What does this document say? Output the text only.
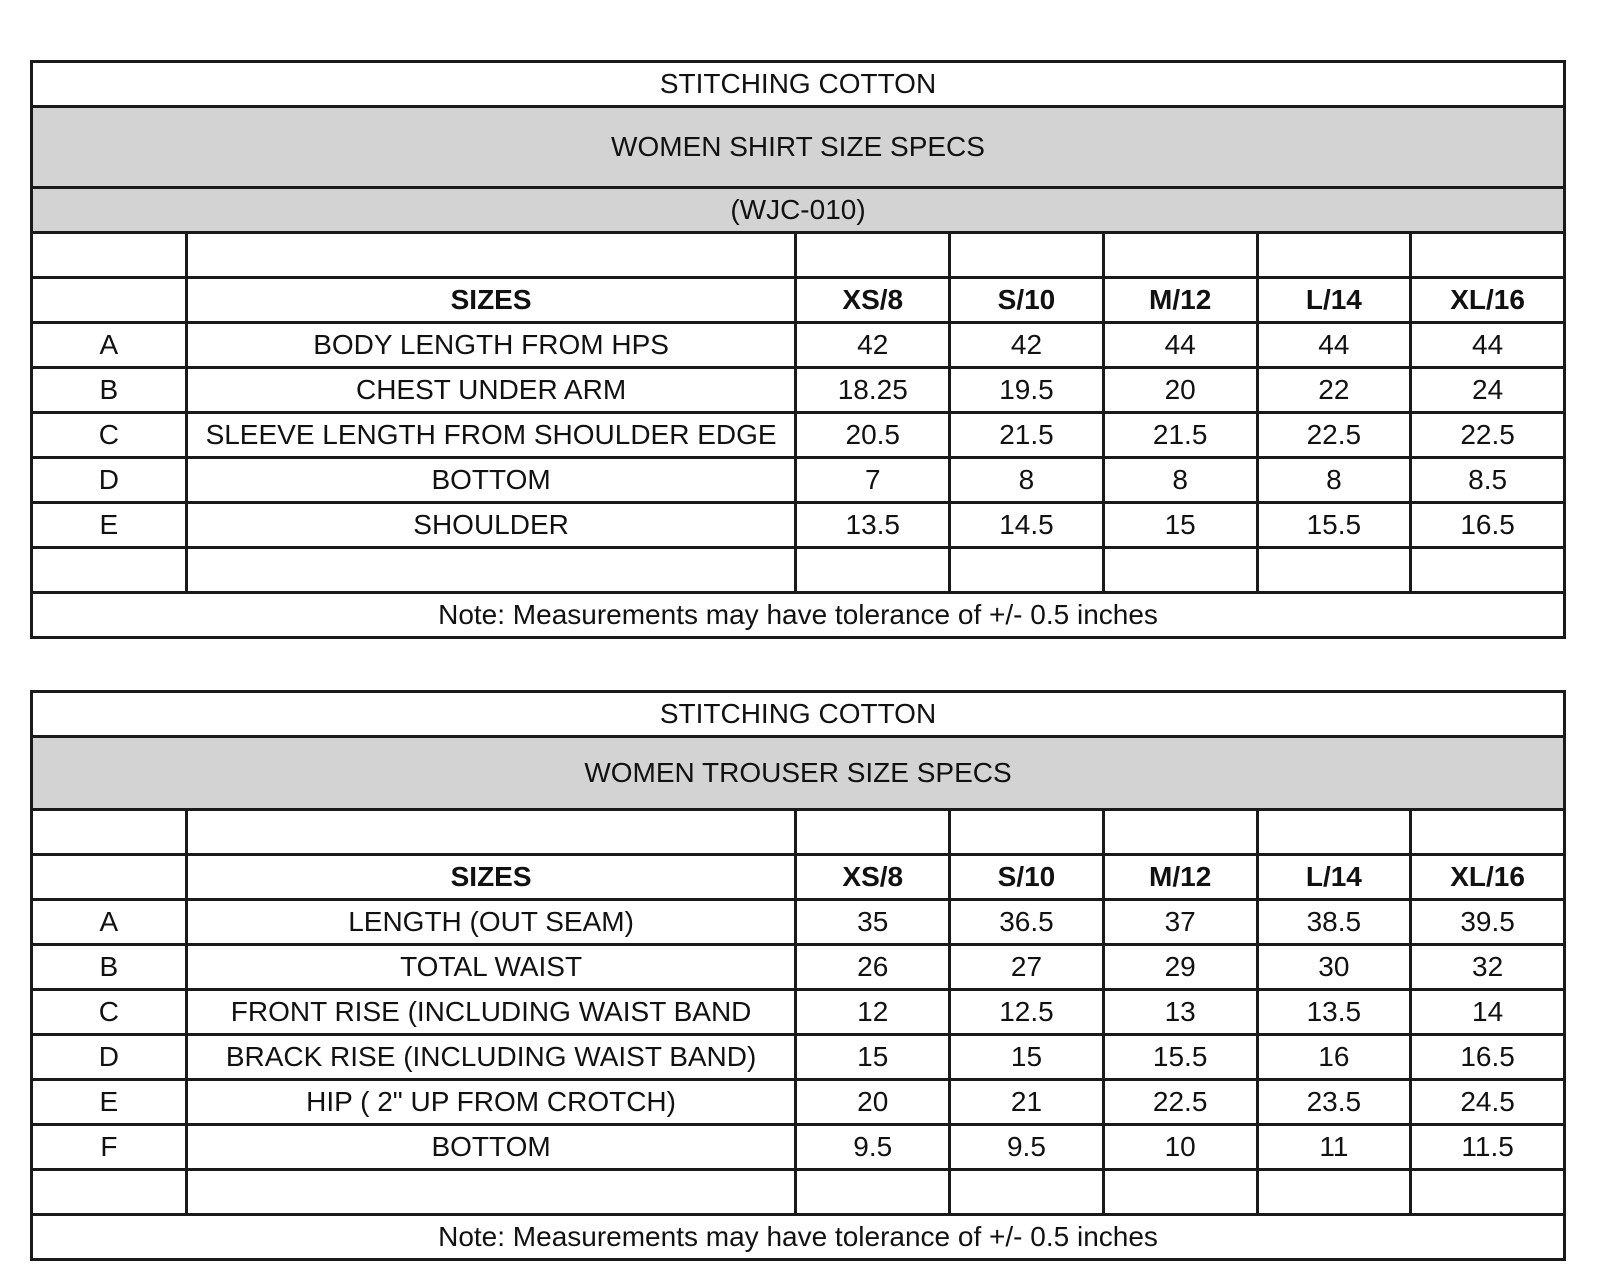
STITCHING COTTON						
WOMEN SHIRT SIZE SPECS						
(WJC-010)						

	SIZES	XS/8	S/10	M/12	L/14	XL/16
A	BODY LENGTH FROM HPS	42	42	44	44	44
B	CHEST UNDER ARM	18.25	19.5	20	22	24
C	SLEEVE LENGTH FROM SHOULDER EDGE	20.5	21.5	21.5	22.5	22.5
D	BOTTOM	7	8	8	8	8.5
E	SHOULDER	13.5	14.5	15	15.5	16.5

Note: Measurements may have tolerance of +/- 0.5 inches						
STITCHING COTTON						
WOMEN TROUSER SIZE SPECS						

	SIZES	XS/8	S/10	M/12	L/14	XL/16
A	LENGTH (OUT SEAM)	35	36.5	37	38.5	39.5
B	TOTAL WAIST	26	27	29	30	32
C	FRONT RISE (INCLUDING WAIST BAND	12	12.5	13	13.5	14
D	BRACK RISE (INCLUDING WAIST BAND)	15	15	15.5	16	16.5
E	HIP ( 2" UP FROM CROTCH)	20	21	22.5	23.5	24.5
F	BOTTOM	9.5	9.5	10	11	11.5

Note: Measurements may have tolerance of +/- 0.5 inches						
